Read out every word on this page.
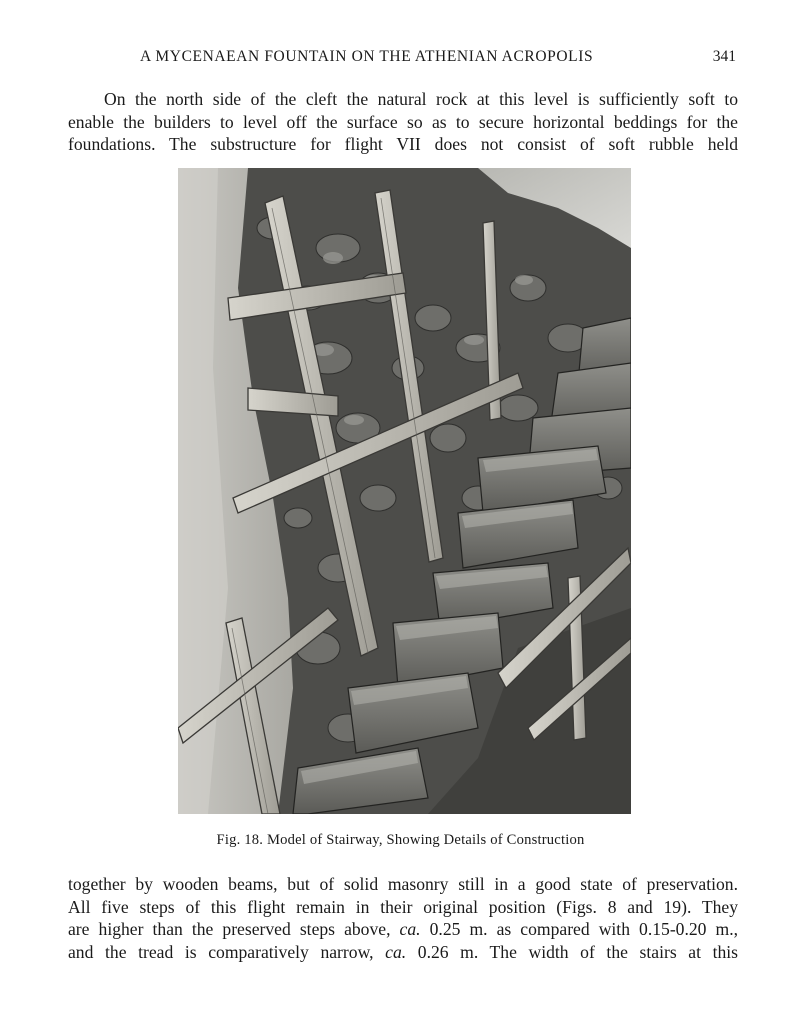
A MYCENAEAN FOUNTAIN ON THE ATHENIAN ACROPOLIS	341

On the north side of the cleft the natural rock at this level is sufficiently soft to
enable the builders to level off the surface so as to secure horizontal beddings for the
foundations. The substructure for flight VII does not consist of soft rubble held

Fig. 18. Model of Stairway, Showing Details of Construction

together by wooden beams, but of solid masonry still in a good state of preservation.
All five steps of this flight remain in their original position (Figs. 8 and 19). They
are higher than the preserved steps above, ca. 0.25 m. as compared with 0.15-0.20 m.,
and the tread is comparatively narrow, ca. 0.26 m. The width of the stairs at this
